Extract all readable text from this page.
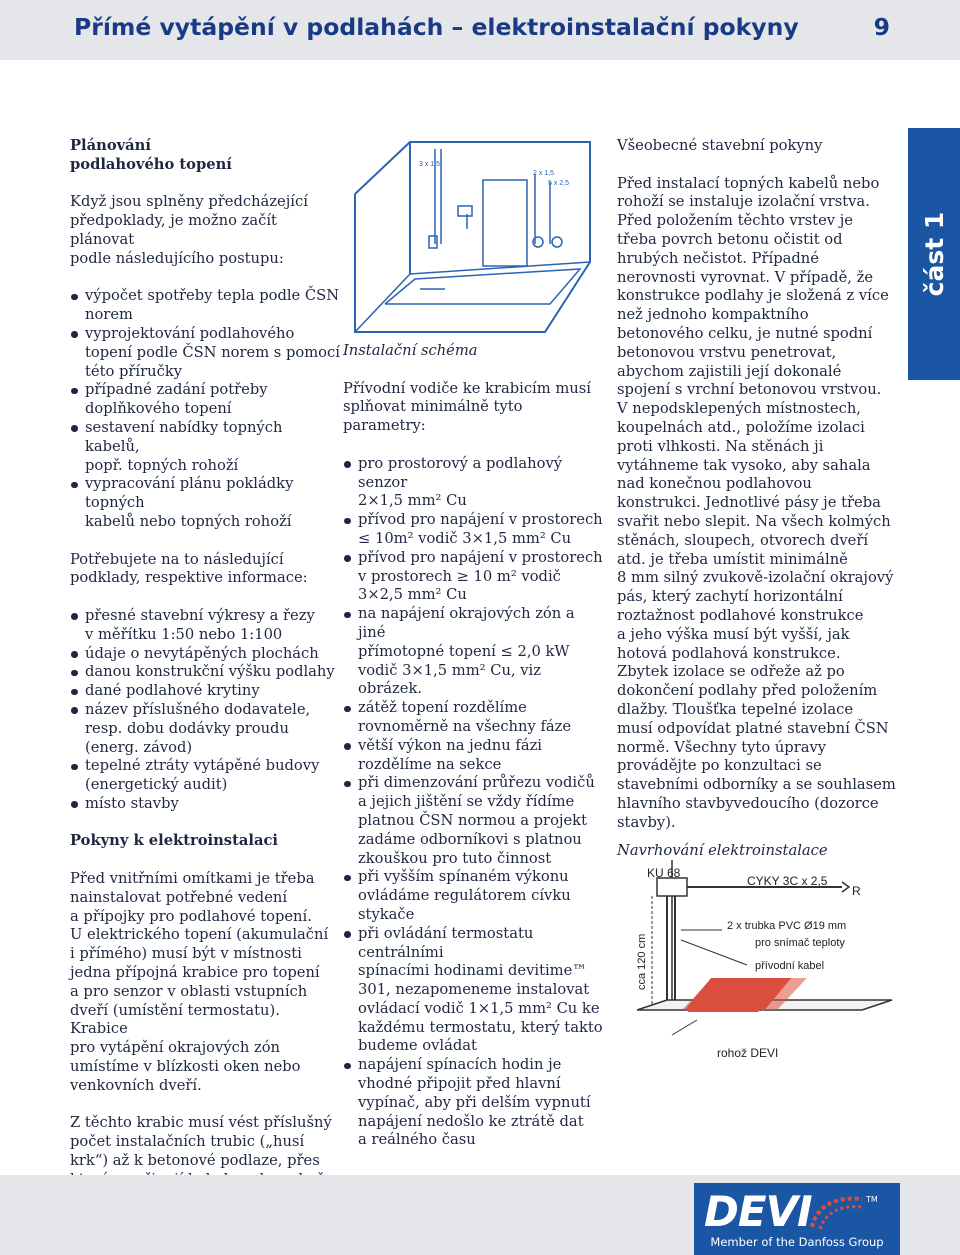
Přímé vytápění v podlahách – elektroinstalační pokyny	9
část 1
Plánování
podlahového topení
Když jsou splněny předcházející
předpoklady, je možno začít plánovat
podle následujícího postupu:
výpočet spotřeby tepla podle ČSN
norem
vyprojektování podlahového
topení podle ČSN norem s pomocí
této příručky
případné zadání potřeby
doplňkového topení
sestavení nabídky topných kabelů,
popř. topných rohoží
vypracování plánu pokládky topných
kabelů nebo topných rohoží
Potřebujete na to následující
podklady, respektive informace:
přesné stavební výkresy a řezy
v měřítku 1:50 nebo 1:100
údaje o nevytápěných plochách
danou konstrukční výšku podlahy
dané podlahové krytiny
název příslušného dodavatele,
resp. dobu dodávky proudu
(energ. závod)
tepelné ztráty vytápěné budovy
(energetický audit)
místo stavby
Pokyny k elektroinstalaci
Před vnitřními omítkami je třeba
nainstalovat potřebné vedení
a přípojky pro podlahové topení.
U elektrického topení (akumulační
i přímého) musí být v místnosti
jedna přípojná krabice pro topení
a pro senzor v oblasti vstupních
dveří (umístění termostatu). Krabice
pro vytápění okrajových zón
umístíme v blízkosti oken nebo
venkovních dveří.
Z těchto krabic musí vést příslušný
počet instalačních trubic („husí
krk“) až k betonové podlaze, přes
3 x 1,5
2 x 1,5
5 x 2,5
Instalační schéma
Přívodní vodiče ke krabicím musí
splňovat minimálně tyto parametry:
pro prostorový a podlahový senzor
2×1,5 mm² Cu
přívod pro napájení v prostorech
≤ 10m² vodič 3×1,5 mm² Cu
přívod pro napájení v prostorech
v prostorech ≥ 10 m² vodič
3×2,5 mm² Cu
na napájení okrajových zón a jiné
přímotopné topení ≤ 2,0 kW
vodič 3×1,5 mm² Cu, viz obrázek.
zátěž topení rozdělíme
rovnoměrně na všechny fáze
větší výkon na jednu fázi
rozdělíme na sekce
při dimenzování průřezu vodičů
a jejich jištění se vždy řídíme
platnou ČSN normou a projekt
zadáme odborníkovi s platnou
zkouškou pro tuto činnost
při vyšším spínaném výkonu
ovládáme regulátorem cívku
stykače
při ovládání termostatu centrálními
spínacími hodinami devitime™
301, nezapomeneme instalovat
ovládací vodič 1×1,5 mm² Cu ke
každému termostatu, který takto
budeme ovládat
napájení spínacích hodin je
vhodné připojit před hlavní
vypínač, aby při delším vypnutí
napájení nedošlo ke ztrátě dat
a reálného času
Všeobecné stavební pokyny
Před instalací topných kabelů nebo
rohoží se instaluje izolační vrstva.
Před položením těchto vrstev je
třeba povrch betonu očistit od
hrubých nečistot. Případné
nerovnosti vyrovnat. V případě, že
konstrukce podlahy je složená z více
než jednoho kompaktního
betonového celku, je nutné spodní
betonovou vrstvu penetrovat,
abychom zajistili její dokonalé
spojení s vrchní betonovou vrstvou.
V nepodsklepených místnostech,
koupelnách atd., položíme izolaci
proti vlhkosti. Na stěnách ji
vytáhneme tak vysoko, aby sahala
nad konečnou podlahovou
konstrukci. Jednotlivé pásy je třeba
svařit nebo slepit. Na všech kolmých
stěnách, sloupech, otvorech dveří
atd. je třeba umístit minimálně
8 mm silný zvukově-izolační okrajový
pás, který zachytí horizontální
roztažnost podlahové konstrukce
a jeho výška musí být vyšší, jak
hotová podlahová konstrukce.
Zbytek izolace se odřeže až po
dokončení podlahy před položením
dlažby. Tloušťka tepelné izolace
musí odpovídat platné stavební ČSN
normě. Všechny tyto úpravy
provádějte po konzultaci se
stavebními odborníky a se souhlasem
hlavního stavbyvedoucího (dozorce
stavby).
Navrhování elektroinstalace
KU 68
CYKY 3C x 2,5
R
cca 120 cm
2 x trubka PVC Ø19 mm
pro snímač teploty
přívodní kabel
rohož DEVI
DEVI	TM
Member of the Danfoss Group
